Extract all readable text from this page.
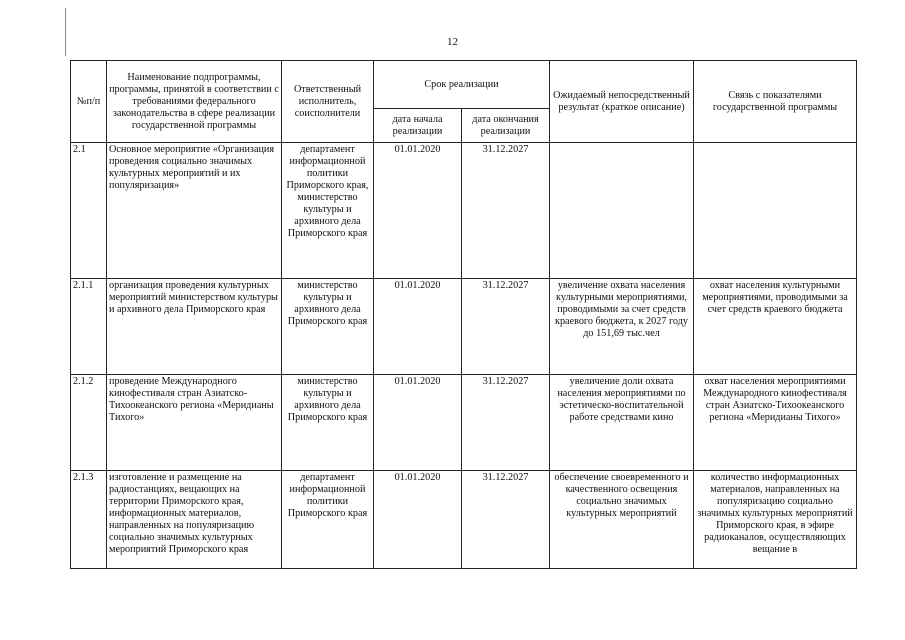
12
№п/п	Наименование подпрограммы, программы, принятой в соответствии с требованиями федерального законодательства в сфере реализации государственной программы	Ответственный исполнитель, соисполнители	Срок реализации		Ожидаемый непосредственный результат (краткое описание)	Связь с показателями государственной программы
			дата начала реализации	дата окончания реализации		
2.1	Основное мероприятие «Организация проведения социально значимых культурных мероприятий и их популяризация»	департамент информационной политики Приморского края, министерство культуры и архивного дела Приморского края	01.01.2020	31.12.2027		
2.1.1	организация проведения культурных мероприятий министерством культуры и архивного дела Приморского края	министерство культуры и архивного дела Приморского края	01.01.2020	31.12.2027	увеличение охвата населения культурными мероприятиями, проводимыми за счет средств краевого бюджета, к 2027 году до 151,69 тыс.чел	охват населения культурными мероприятиями, проводимыми за счет средств краевого бюджета
2.1.2	проведение Международного кинофестиваля стран Азиатско-Тихоокеанского региона «Меридианы Тихого»	министерство культуры и архивного дела Приморского края	01.01.2020	31.12.2027	увеличение доли охвата населения мероприятиями по эстетическо-воспитательной работе средствами кино	охват населения мероприятиями Международного кинофестиваля стран Азиатско-Тихоокеанского региона «Меридианы Тихого»
2.1.3	изготовление и размещение на радиостанциях, вещающих на территории Приморского края, информационных материалов, направленных на популяризацию социально значимых культурных мероприятий Приморского края	департамент информационной политики Приморского края	01.01.2020	31.12.2027	обеспечение своевременного и качественного освещения социально значимых культурных мероприятий	количество информационных материалов, направленных на популяризацию социально значимых культурных мероприятий Приморского края, в эфире радиоканалов, осуществляющих вещание в
